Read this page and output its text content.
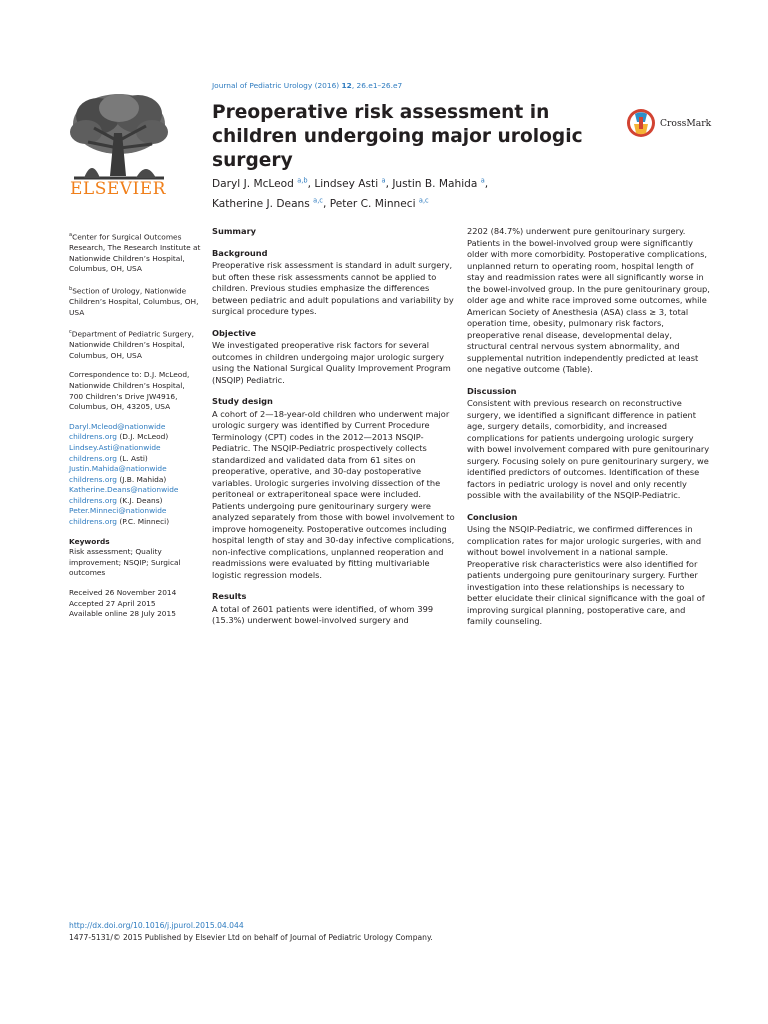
Journal of Pediatric Urology (2016) 12, 26.e1–26.e7
ELSEVIER
Preoperative risk assessment in children undergoing major urologic surgery
CrossMark
Daryl J. McLeod $^{a,b}$, Lindsey Asti $^a$, Justin B. Mahida $^a$,
Katherine J. Deans $^{a,c}$, Peter C. Minneci $^{a,c}$
$^a$Center for Surgical Outcomes Research, The Research Institute at Nationwide Children’s Hospital, Columbus, OH, USA
$^b$Section of Urology, Nationwide Children’s Hospital, Columbus, OH, USA
$^c$Department of Pediatric Surgery, Nationwide Children’s Hospital, Columbus, OH, USA
Correspondence to: D.J. McLeod, Nationwide Children’s Hospital, 700 Children’s Drive JW4916, Columbus, OH, 43205, USA
Daryl.Mcleod@nationwide
childrens.org (D.J. McLeod)
Lindsey.Asti@nationwide
childrens.org (L. Asti)
Justin.Mahida@nationwide
childrens.org (J.B. Mahida)
Katherine.Deans@nationwide
childrens.org (K.J. Deans)
Peter.Minneci@nationwide
childrens.org (P.C. Minneci)
Keywords
Risk assessment; Quality improvement; NSQIP; Surgical outcomes
Received 26 November 2014
Accepted 27 April 2015
Available online 28 July 2015
Summary
Background
Preoperative risk assessment is standard in adult surgery, but often these risk assessments cannot be applied to children. Previous studies emphasize the differences between pediatric and adult populations and variability by surgical procedure types.
Objective
We investigated preoperative risk factors for several outcomes in children undergoing major urologic surgery using the National Surgical Quality Improvement Program (NSQIP) Pediatric.
Study design
A cohort of 2—18-year-old children who underwent major urologic surgery was identified by Current Procedure Terminology (CPT) codes in the 2012—2013 NSQIP-Pediatric. The NSQIP-Pediatric prospectively collects standardized and validated data from 61 sites on preoperative, operative, and 30-day postoperative variables. Urologic surgeries involving dissection of the peritoneal or extraperitoneal space were included. Patients undergoing pure genitourinary surgery were analyzed separately from those with bowel involvement to improve homogeneity. Postoperative outcomes including hospital length of stay and 30-day infective complications, non-infective complications, unplanned reoperation and readmissions were evaluated by fitting multivariable logistic regression models.
Results
A total of 2601 patients were identified, of whom 399 (15.3%) underwent bowel-involved surgery and
2202 (84.7%) underwent pure genitourinary surgery. Patients in the bowel-involved group were significantly older with more comorbidity. Postoperative complications, unplanned return to operating room, hospital length of stay and readmission rates were all significantly worse in the bowel-involved group. In the pure genitourinary group, older age and white race improved some outcomes, while American Society of Anesthesia (ASA) class ≥ 3, total operation time, obesity, pulmonary risk factors, preoperative renal disease, developmental delay, structural central nervous system abnormality, and supplemental nutrition independently predicted at least one negative outcome (Table).
Discussion
Consistent with previous research on reconstructive surgery, we identified a significant difference in patient age, surgery details, comorbidity, and increased complications for patients undergoing urologic surgery with bowel involvement compared with pure genitourinary surgery. Focusing solely on pure genitourinary surgery, we identified predictors of outcomes. Identification of these factors in pediatric urology is novel and only recently possible with the availability of the NSQIP-Pediatric.
Conclusion
Using the NSQIP-Pediatric, we confirmed differences in complication rates for major urologic surgeries, with and without bowel involvement in a national sample. Preoperative risk characteristics were also identified for patients undergoing pure genitourinary surgery. Further investigation into these relationships is necessary to better elucidate their clinical significance with the goal of improving surgical planning, postoperative care, and family counseling.
http://dx.doi.org/10.1016/j.jpurol.2015.04.044
1477-5131/© 2015 Published by Elsevier Ltd on behalf of Journal of Pediatric Urology Company.
